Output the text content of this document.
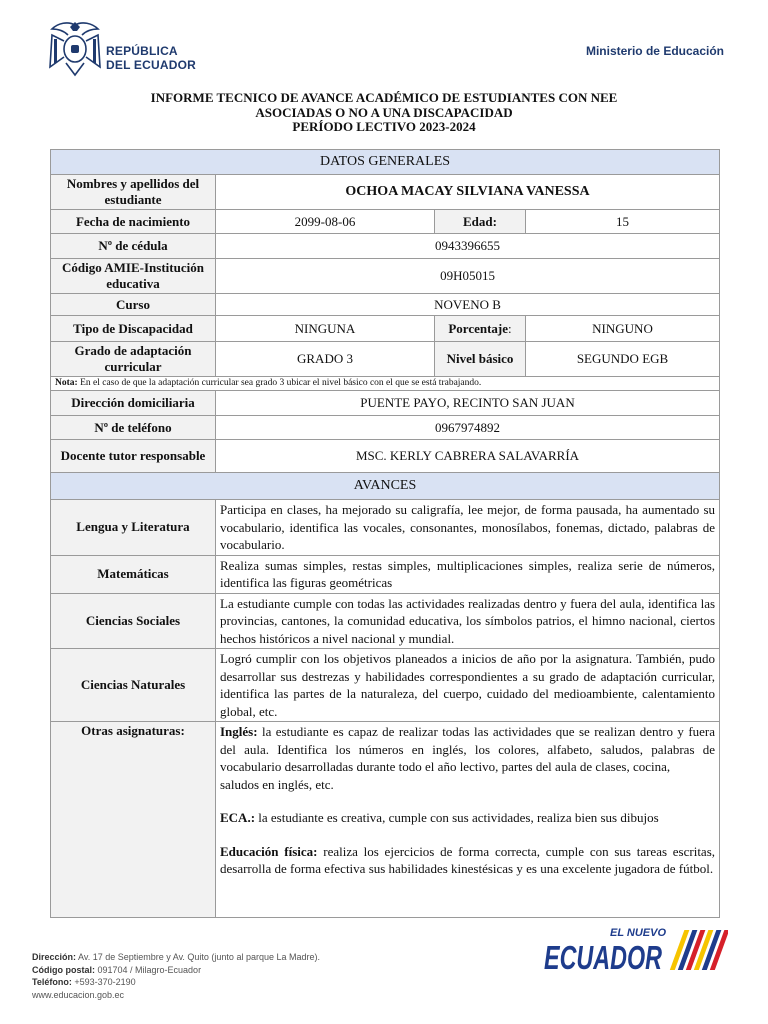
REPÚBLICA
DEL ECUADOR
Ministerio de Educación
INFORME TECNICO DE AVANCE ACADÉMICO DE ESTUDIANTES CON NEE
ASOCIADAS O NO A UNA DISCAPACIDAD
PERÍODO LECTIVO 2023-2024
DATOS GENERALES			
Nombres y apellidos del estudiante	OCHOA MACAY SILVIANA VANESSA		
Fecha de nacimiento	2099-08-06	Edad:	15
Nº de cédula	0943396655		
Código AMIE-Institución educativa	09H05015		
Curso	NOVENO B		
Tipo de Discapacidad	NINGUNA	Porcentaje:	NINGUNO
Grado de adaptación curricular	GRADO 3	Nivel básico	SEGUNDO EGB
Nota: En el caso de que la adaptación curricular sea grado 3 ubicar el nivel básico con el que se está trabajando.			
Dirección domiciliaria	PUENTE PAYO, RECINTO SAN JUAN		
Nº de teléfono	0967974892		
Docente tutor responsable	MSC. KERLY CABRERA SALAVARRÍA		
AVANCES			
Lengua y Literatura	Participa en clases, ha mejorado su caligrafía, lee mejor, de forma pausada, ha aumentado su vocabulario, identifica las vocales, consonantes, monosílabos, fonemas, dictado, palabras de vocabulario.		
Matemáticas	Realiza sumas simples, restas simples, multiplicaciones simples, realiza serie de números, identifica las figuras geométricas		
Ciencias Sociales	La estudiante cumple con todas las actividades realizadas dentro y fuera del aula, identifica las provincias, cantones, la comunidad educativa, los símbolos patrios, el himno nacional, ciertos hechos históricos a nivel nacional y mundial.		
Ciencias Naturales	Logró cumplir con los objetivos planeados a inicios de año por la asignatura. También, pudo desarrollar sus destrezas y habilidades correspondientes a su grado de adaptación curricular, identifica las partes de la naturaleza, del cuerpo, cuidado del medioambiente, calentamiento global, etc.		
Otras asignaturas:	Inglés: la estudiante es capaz de realizar todas las actividades que se realizan dentro y fuera del aula. Identifica los números en inglés, los colores, alfabeto, saludos, palabras de vocabulario desarrolladas durante todo el año lectivo, partes del aula de clases, cocina,
saludos en inglés, etc.
ECA.: la estudiante es creativa, cumple con sus actividades, realiza bien sus dibujos
Educación física: realiza los ejercicios de forma correcta, cumple con sus tareas escritas, desarrolla de forma efectiva sus habilidades kinestésicas y es una excelente jugadora de fútbol.		
Dirección: Av. 17 de Septiembre y Av. Quito (junto al parque La Madre).
Código postal: 091704 / Milagro-Ecuador
Teléfono: +593-370-2190
www.educacion.gob.ec
EL NUEVO
ECUADOR
